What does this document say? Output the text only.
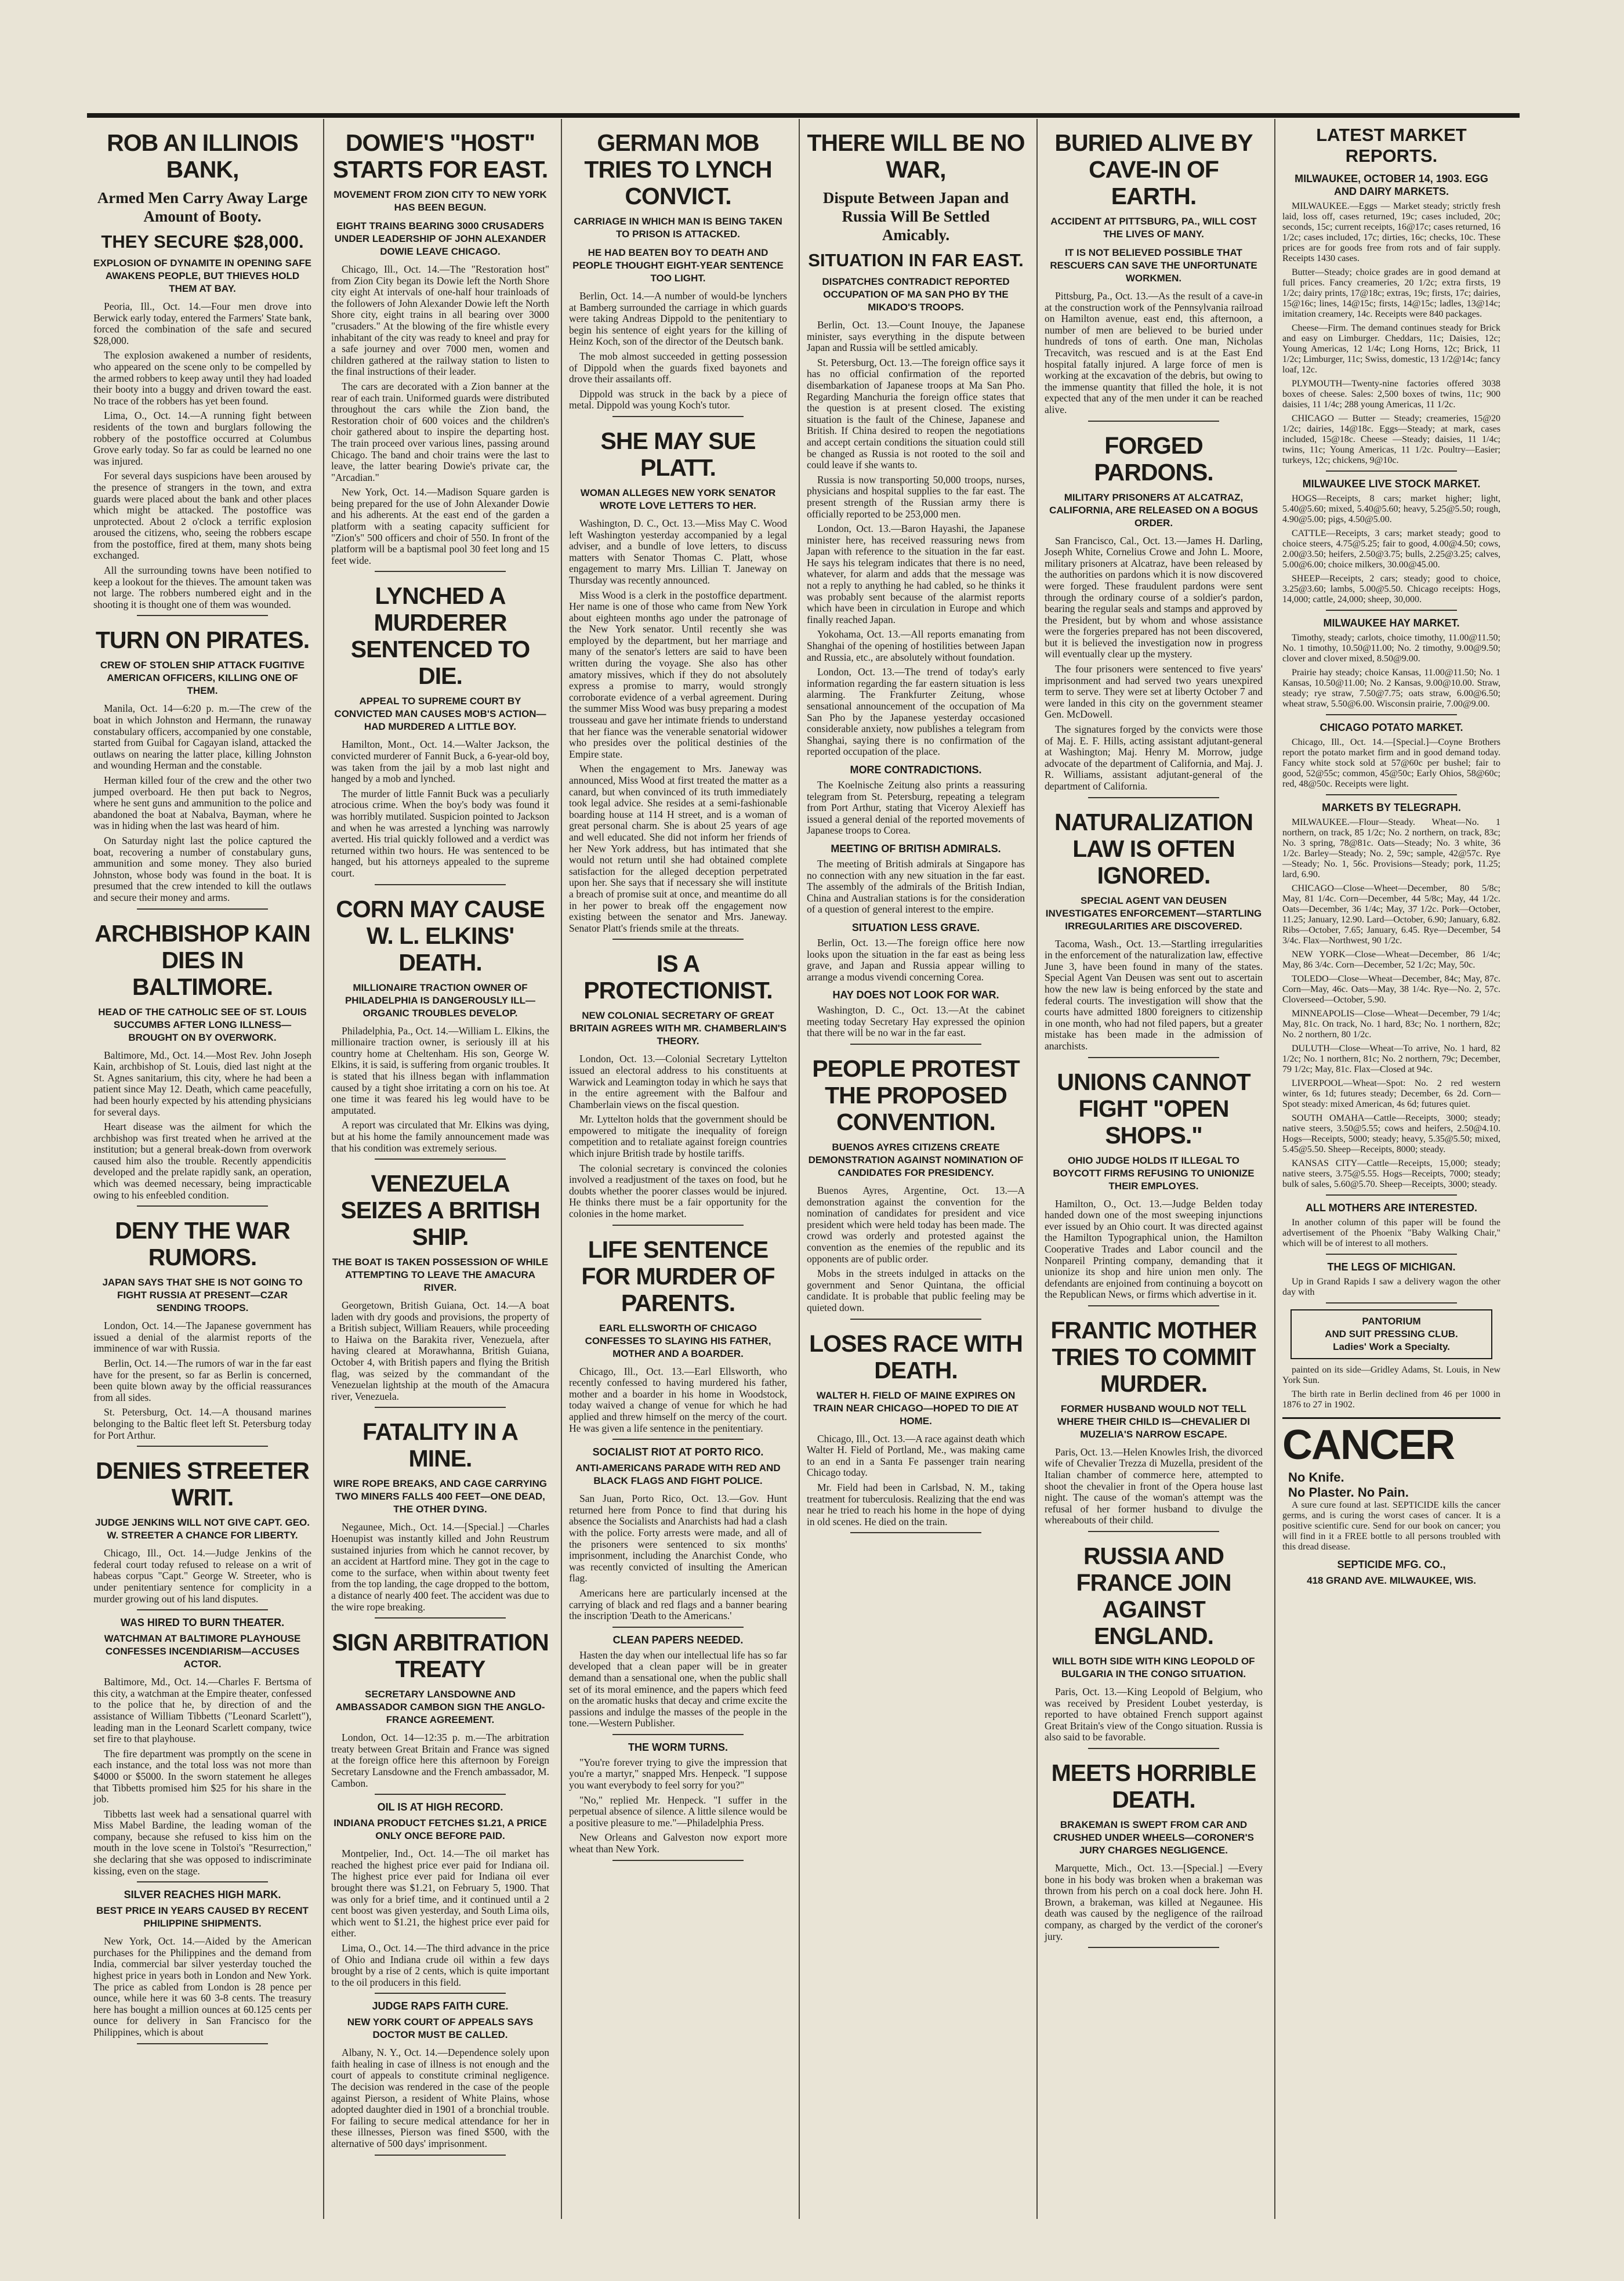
ROB AN ILLINOIS BANK,
Armed Men Carry Away Large Amount of Booty.
THEY SECURE $28,000.
EXPLOSION OF DYNAMITE IN OPENING SAFE AWAKENS PEOPLE, BUT THIEVES HOLD THEM AT BAY.

Peoria, Ill., Oct. 14.—Four men drove into Berwick early today, entered the Farmers' State bank, forced the combination of the safe and secured $28,000.

The explosion awakened a number of residents, who appeared on the scene only to be compelled by the armed robbers to keep away until they had loaded their booty into a buggy and driven toward the east. No trace of the robbers has yet been found.

Lima, O., Oct. 14.—A running fight between residents of the town and burglars following the robbery of the postoffice occurred at Columbus Grove early today. So far as could be learned no one was injured.

For several days suspicions have been aroused by the presence of strangers in the town, and extra guards were placed about the bank and other places which might be attacked. The postoffice was unprotected. About 2 o'clock a terrific explosion aroused the citizens, who, seeing the robbers escape from the postoffice, fired at them, many shots being exchanged.

All the surrounding towns have been notified to keep a lookout for the thieves. The amount taken was not large. The robbers numbered eight and in the shooting it is thought one of them was wounded.

TURN ON PIRATES.
CREW OF STOLEN SHIP ATTACK FUGITIVE AMERICAN OFFICERS, KILLING ONE OF THEM.

Manila, Oct. 14—6:20 p. m.—The crew of the boat in which Johnston and Hermann, the runaway constabulary officers, accompanied by one constable, started from Guibal for Cagayan island, attacked the outlaws on nearing the latter place, killing Johnston and wounding Herman and the constable.

Herman killed four of the crew and the other two jumped overboard. He then put back to Negros, where he sent guns and ammunition to the police and abandoned the boat at Nabalva, Bayman, where he was in hiding when the last was heard of him.

On Saturday night last the police captured the boat, recovering a number of constabulary guns, ammunition and some money. They also buried Johnston, whose body was found in the boat. It is presumed that the crew intended to kill the outlaws and secure their money and arms.

ARCHBISHOP KAIN DIES IN BALTIMORE.
HEAD OF THE CATHOLIC SEE OF ST. LOUIS SUCCUMBS AFTER LONG ILLNESS—BROUGHT ON BY OVERWORK.

Baltimore, Md., Oct. 14.—Most Rev. John Joseph Kain, archbishop of St. Louis, died last night at the St. Agnes sanitarium, this city, where he had been a patient since May 12. Death, which came peacefully, had been hourly expected by his attending physicians for several days.

Heart disease was the ailment for which the archbishop was first treated when he arrived at the institution; but a general break-down from overwork caused him also the trouble. Recently appendicitis developed and the prelate rapidly sank, an operation, which was deemed necessary, being impracticable owing to his enfeebled condition.

DENY THE WAR RUMORS.
JAPAN SAYS THAT SHE IS NOT GOING TO FIGHT RUSSIA AT PRESENT—CZAR SENDING TROOPS.

London, Oct. 14.—The Japanese government has issued a denial of the alarmist reports of the imminence of war with Russia.

Berlin, Oct. 14.—The rumors of war in the far east have for the present, so far as Berlin is concerned, been quite blown away by the official reassurances from all sides.

St. Petersburg, Oct. 14.—A thousand marines belonging to the Baltic fleet left St. Petersburg today for Port Arthur.

DENIES STREETER WRIT.
JUDGE JENKINS WILL NOT GIVE CAPT. GEO. W. STREETER A CHANCE FOR LIBERTY.

Chicago, Ill., Oct. 14.—Judge Jenkins of the federal court today refused to release on a writ of habeas corpus "Capt." George W. Streeter, who is under penitentiary sentence for complicity in a murder growing out of his land disputes.

WAS HIRED TO BURN THEATER.
WATCHMAN AT BALTIMORE PLAYHOUSE CONFESSES INCENDIARISM—ACCUSES ACTOR.

Baltimore, Md., Oct. 14.—Charles F. Bertsma of this city, a watchman at the Empire theater, confessed to the police that he, by direction of and the assistance of William Tibbetts ("Leonard Scarlett"), leading man in the Leonard Scarlett company, twice set fire to that playhouse.

The fire department was promptly on the scene in each instance, and the total loss was not more than $4000 or $5000. In the sworn statement he alleges that Tibbetts promised him $25 for his share in the job.

Tibbetts last week had a sensational quarrel with Miss Mabel Bardine, the leading woman of the company, because she refused to kiss him on the mouth in the love scene in Tolstoi's "Resurrection," she declaring that she was opposed to indiscriminate kissing, even on the stage.

SILVER REACHES HIGH MARK.
BEST PRICE IN YEARS CAUSED BY RECENT PHILIPPINE SHIPMENTS.

New York, Oct. 14.—Aided by the American purchases for the Philippines and the demand from India, commercial bar silver yesterday touched the highest price in years both in London and New York. The price as cabled from London is 28 pence per ounce, while here it was 60 3-8 cents. The treasury here has bought a million ounces at 60.125 cents per ounce for delivery in San Francisco for the Philippines, which is about

DOWIE'S "HOST" STARTS FOR EAST.
MOVEMENT FROM ZION CITY TO NEW YORK HAS BEEN BEGUN.
EIGHT TRAINS BEARING 3000 CRUSADERS UNDER LEADERSHIP OF JOHN ALEXANDER DOWIE LEAVE CHICAGO.

Chicago, Ill., Oct. 14.—The "Restoration host" from Zion City began its Dowie left the North Shore city eight At intervals of one-half hour trainloads of the followers of John Alexander Dowie left the North Shore city, eight trains in all bearing over 3000 "crusaders." At the blowing of the fire whistle every inhabitant of the city was ready to kneel and pray for a safe journey and over 7000 men, women and children gathered at the railway station to listen to the final instructions of their leader.

The cars are decorated with a Zion banner at the rear of each train. Uniformed guards were distributed throughout the cars while the Zion band, the Restoration choir of 600 voices and the children's choir gathered about to inspire the departing host. The train proceed over various lines, passing around Chicago. The band and choir trains were the last to leave, the latter bearing Dowie's private car, the "Arcadian."

New York, Oct. 14.—Madison Square garden is being prepared for the use of John Alexander Dowie and his adherents. At the east end of the garden a platform with a seating capacity sufficient for "Zion's" 500 officers and choir of 550. In front of the platform will be a baptismal pool 30 feet long and 15 feet wide.

LYNCHED A MURDERER SENTENCED TO DIE.
APPEAL TO SUPREME COURT BY CONVICTED MAN CAUSES MOB'S ACTION—HAD MURDERED A LITTLE BOY.

Hamilton, Mont., Oct. 14.—Walter Jackson, the convicted murderer of Fannit Buck, a 6-year-old boy, was taken from the jail by a mob last night and hanged by a mob and lynched.

The murder of little Fannit Buck was a peculiarly atrocious crime. When the boy's body was found it was horribly mutilated. Suspicion pointed to Jackson and when he was arrested a lynching was narrowly averted. His trial quickly followed and a verdict was returned within two hours. He was sentenced to be hanged, but his attorneys appealed to the supreme court.

CORN MAY CAUSE W. L. ELKINS' DEATH.
MILLIONAIRE TRACTION OWNER OF PHILADELPHIA IS DANGEROUSLY ILL—ORGANIC TROUBLES DEVELOP.

Philadelphia, Pa., Oct. 14.—William L. Elkins, the millionaire traction owner, is seriously ill at his country home at Cheltenham. His son, George W. Elkins, it is said, is suffering from organic troubles. It is stated that his illness began with inflammation caused by a tight shoe irritating a corn on his toe. At one time it was feared his leg would have to be amputated.

A report was circulated that Mr. Elkins was dying, but at his home the family announcement made was that his condition was extremely serious.

VENEZUELA SEIZES A BRITISH SHIP.
THE BOAT IS TAKEN POSSESSION OF WHILE ATTEMPTING TO LEAVE THE AMACURA RIVER.

Georgetown, British Guiana, Oct. 14.—A boat laden with dry goods and provisions, the property of a British subject, William Reauers, while proceeding to Haiwa on the Barakita river, Venezuela, after having cleared at Morawhanna, British Guiana, October 4, with British papers and flying the British flag, was seized by the commandant of the Venezuelan lightship at the mouth of the Amacura river, Venezuela.

FATALITY IN A MINE.
WIRE ROPE BREAKS, AND CAGE CARRYING TWO MINERS FALLS 400 FEET—ONE DEAD, THE OTHER DYING.

Negaunee, Mich., Oct. 14.—[Special.] —Charles Hoenupist was instantly killed and John Reustrum sustained injuries from which he cannot recover, by an accident at Hartford mine. They got in the cage to come to the surface, when within about twenty feet from the top landing, the cage dropped to the bottom, a distance of nearly 400 feet. The accident was due to the wire rope breaking.

SIGN ARBITRATION TREATY
SECRETARY LANSDOWNE AND AMBASSADOR CAMBON SIGN THE ANGLO-FRANCE AGREEMENT.

London, Oct. 14—12:35 p. m.—The arbitration treaty between Great Britain and France was signed at the foreign office here this afternoon by Foreign Secretary Lansdowne and the French ambassador, M. Cambon.

OIL IS AT HIGH RECORD.
INDIANA PRODUCT FETCHES $1.21, A PRICE ONLY ONCE BEFORE PAID.

Montpelier, Ind., Oct. 14.—The oil market has reached the highest price ever paid for Indiana oil. The highest price ever paid for Indiana oil ever brought there was $1.21, on February 5, 1900. That was only for a brief time, and it continued until a 2 cent boost was given yesterday, and South Lima oils, which went to $1.21, the highest price ever paid for either.

Lima, O., Oct. 14.—The third advance in the price of Ohio and Indiana crude oil within a few days brought by a rise of 2 cents, which is quite important to the oil producers in this field.

JUDGE RAPS FAITH CURE.
NEW YORK COURT OF APPEALS SAYS DOCTOR MUST BE CALLED.

Albany, N. Y., Oct. 14.—Dependence solely upon faith healing in case of illness is not enough and the court of appeals to constitute criminal negligence. The decision was rendered in the case of the people against Pierson, a resident of White Plains, whose adopted daughter died in 1901 of a bronchial trouble. For failing to secure medical attendance for her in these illnesses, Pierson was fined $500, with the alternative of 500 days' imprisonment.

GERMAN MOB TRIES TO LYNCH CONVICT.
CARRIAGE IN WHICH MAN IS BEING TAKEN TO PRISON IS ATTACKED.
HE HAD BEATEN BOY TO DEATH AND PEOPLE THOUGHT EIGHT-YEAR SENTENCE TOO LIGHT.

Berlin, Oct. 14.—A number of would-be lynchers at Bamberg surrounded the carriage in which guards were taking Andreas Dippold to the penitentiary to begin his sentence of eight years for the killing of Heinz Koch, son of the director of the Deutsch bank.

The mob almost succeeded in getting possession of Dippold when the guards fixed bayonets and drove their assailants off.

Dippold was struck in the back by a piece of metal. Dippold was young Koch's tutor.

SHE MAY SUE PLATT.
WOMAN ALLEGES NEW YORK SENATOR WROTE LOVE LETTERS TO HER.

Washington, D. C., Oct. 13.—Miss May C. Wood left Washington yesterday accompanied by a legal adviser, and a bundle of love letters, to discuss matters with Senator Thomas C. Platt, whose engagement to marry Mrs. Lillian T. Janeway on Thursday was recently announced.

Miss Wood is a clerk in the postoffice department. Her name is one of those who came from New York about eighteen months ago under the patronage of the New York senator. Until recently she was employed by the department, but her marriage and many of the senator's letters are said to have been written during the voyage. She also has other amatory missives, which if they do not absolutely express a promise to marry, would strongly corroborate evidence of a verbal agreement. During the summer Miss Wood was busy preparing a modest trousseau and gave her intimate friends to understand that her fiance was the venerable senatorial widower who presides over the political destinies of the Empire state.

When the engagement to Mrs. Janeway was announced, Miss Wood at first treated the matter as a canard, but when convinced of its truth immediately took legal advice. She resides at a semi-fashionable boarding house at 114 H street, and is a woman of great personal charm. She is about 25 years of age and well educated. She did not inform her friends of her New York address, but has intimated that she would not return until she had obtained complete satisfaction for the alleged deception perpetrated upon her. She says that if necessary she will institute a breach of promise suit at once, and meantime do all in her power to break off the engagement now existing between the senator and Mrs. Janeway. Senator Platt's friends smile at the threats.

IS A PROTECTIONIST.
NEW COLONIAL SECRETARY OF GREAT BRITAIN AGREES WITH MR. CHAMBERLAIN'S THEORY.

London, Oct. 13.—Colonial Secretary Lyttelton issued an electoral address to his constituents at Warwick and Leamington today in which he says that in the entire agreement with the Balfour and Chamberlain views on the fiscal question.

Mr. Lyttelton holds that the government should be empowered to mitigate the inequality of foreign competition and to retaliate against foreign countries which injure British trade by hostile tariffs.

The colonial secretary is convinced the colonies involved a readjustment of the taxes on food, but he doubts whether the poorer classes would be injured. He thinks there must be a fair opportunity for the colonies in the home market.

LIFE SENTENCE FOR MURDER OF PARENTS.
EARL ELLSWORTH OF CHICAGO CONFESSES TO SLAYING HIS FATHER, MOTHER AND A BOARDER.

Chicago, Ill., Oct. 13.—Earl Ellsworth, who recently confessed to having murdered his father, mother and a boarder in his home in Woodstock, today waived a change of venue for which he had applied and threw himself on the mercy of the court. He was given a life sentence in the penitentiary.

SOCIALIST RIOT AT PORTO RICO.
ANTI-AMERICANS PARADE WITH RED AND BLACK FLAGS AND FIGHT POLICE.

San Juan, Porto Rico, Oct. 13.—Gov. Hunt returned here from Ponce to find that during his absence the Socialists and Anarchists had had a clash with the police. Forty arrests were made, and all of the prisoners were sentenced to six months' imprisonment, including the Anarchist Conde, who was recently convicted of insulting the American flag.

Americans here are particularly incensed at the carrying of black and red flags and a banner bearing the inscription 'Death to the Americans.'

CLEAN PAPERS NEEDED.

Hasten the day when our intellectual life has so far developed that a clean paper will be in greater demand than a sensational one, when the public shall set of its moral eminence, and the papers which feed on the aromatic husks that decay and crime excite the passions and indulge the masses of the people in the tone.—Western Publisher.

THE WORM TURNS.

"You're forever trying to give the impression that you're a martyr," snapped Mrs. Henpeck. "I suppose you want everybody to feel sorry for you?"

"No," replied Mr. Henpeck. "I suffer in the perpetual absence of silence. A little silence would be a positive pleasure to me."—Philadelphia Press.

New Orleans and Galveston now export more wheat than New York.

THERE WILL BE NO WAR,
Dispute Between Japan and Russia Will Be Settled Amicably.
SITUATION IN FAR EAST.
DISPATCHES CONTRADICT REPORTED OCCUPATION OF MA SAN PHO BY THE MIKADO'S TROOPS.

Berlin, Oct. 13.—Count Inouye, the Japanese minister, says everything in the dispute between Japan and Russia will be settled amicably.

St. Petersburg, Oct. 13.—The foreign office says it has no official confirmation of the reported disembarkation of Japanese troops at Ma San Pho. Regarding Manchuria the foreign office states that the question is at present closed. The existing situation is the fault of the Chinese, Japanese and British. If China desired to reopen the negotiations and accept certain conditions the situation could still be changed as Russia is not rooted to the soil and could leave if she wants to.

Russia is now transporting 50,000 troops, nurses, physicians and hospital supplies to the far east. The present strength of the Russian army there is officially reported to be 253,000 men.

London, Oct. 13.—Baron Hayashi, the Japanese minister here, has received reassuring news from Japan with reference to the situation in the far east. He says his telegram indicates that there is no need, whatever, for alarm and adds that the message was not a reply to anything he had cabled, so he thinks it was probably sent because of the alarmist reports which have been in circulation in Europe and which finally reached Japan.

Yokohama, Oct. 13.—All reports emanating from Shanghai of the opening of hostilities between Japan and Russia, etc., are absolutely without foundation.

London, Oct. 13.—The trend of today's early information regarding the far eastern situation is less alarming. The Frankfurter Zeitung, whose sensational announcement of the occupation of Ma San Pho by the Japanese yesterday occasioned considerable anxiety, now publishes a telegram from Shanghai, saying there is no confirmation of the reported occupation of the place.

MORE CONTRADICTIONS.

The Koelnische Zeitung also prints a reassuring telegram from St. Petersburg, repeating a telegram from Port Arthur, stating that Viceroy Alexieff has issued a general denial of the reported movements of Japanese troops to Corea.

MEETING OF BRITISH ADMIRALS.

The meeting of British admirals at Singapore has no connection with any new situation in the far east. The assembly of the admirals of the British Indian, China and Australian stations is for the consideration of a question of general interest to the empire.

SITUATION LESS GRAVE.

Berlin, Oct. 13.—The foreign office here now looks upon the situation in the far east as being less grave, and Japan and Russia appear willing to arrange a modus vivendi concerning Corea.

HAY DOES NOT LOOK FOR WAR.

Washington, D. C., Oct. 13.—At the cabinet meeting today Secretary Hay expressed the opinion that there will be no war in the far east.

PEOPLE PROTEST THE PROPOSED CONVENTION.
BUENOS AYRES CITIZENS CREATE DEMONSTRATION AGAINST NOMINATION OF CANDIDATES FOR PRESIDENCY.

Buenos Ayres, Argentine, Oct. 13.—A demonstration against the convention for the nomination of candidates for president and vice president which were held today has been made. The crowd was orderly and protested against the convention as the enemies of the republic and its opponents are of public order.

Mobs in the streets indulged in attacks on the government and Senor Quintana, the official candidate. It is probable that public feeling may be quieted down.

LOSES RACE WITH DEATH.
WALTER H. FIELD OF MAINE EXPIRES ON TRAIN NEAR CHICAGO—HOPED TO DIE AT HOME.

Chicago, Ill., Oct. 13.—A race against death which Walter H. Field of Portland, Me., was making came to an end in a Santa Fe passenger train nearing Chicago today.

Mr. Field had been in Carlsbad, N. M., taking treatment for tuberculosis. Realizing that the end was near he tried to reach his home in the hope of dying in old scenes. He died on the train.

BURIED ALIVE BY CAVE-IN OF EARTH.
ACCIDENT AT PITTSBURG, PA., WILL COST THE LIVES OF MANY.
IT IS NOT BELIEVED POSSIBLE THAT RESCUERS CAN SAVE THE UNFORTUNATE WORKMEN.

Pittsburg, Pa., Oct. 13.—As the result of a cave-in at the construction work of the Pennsylvania railroad on Hamilton avenue, east end, this afternoon, a number of men are believed to be buried under hundreds of tons of earth. One man, Nicholas Trecavitch, was rescued and is at the East End hospital fatally injured. A large force of men is working at the excavation of the debris, but owing to the immense quantity that filled the hole, it is not expected that any of the men under it can be reached alive.

FORGED PARDONS.
MILITARY PRISONERS AT ALCATRAZ, CALIFORNIA, ARE RELEASED ON A BOGUS ORDER.

San Francisco, Cal., Oct. 13.—James H. Darling, Joseph White, Cornelius Crowe and John L. Moore, military prisoners at Alcatraz, have been released by the authorities on pardons which it is now discovered were forged. These fraudulent pardons were sent through the ordinary course of a soldier's pardon, bearing the regular seals and stamps and approved by the President, but by whom and whose assistance were the forgeries prepared has not been discovered, but it is believed the investigation now in progress will eventually clear up the mystery.

The four prisoners were sentenced to five years' imprisonment and had served two years unexpired term to serve. They were set at liberty October 7 and were landed in this city on the government steamer Gen. McDowell.

The signatures forged by the convicts were those of Maj. E. F. Hills, acting assistant adjutant-general at Washington; Maj. Henry M. Morrow, judge advocate of the department of California, and Maj. J. R. Williams, assistant adjutant-general of the department of California.

NATURALIZATION LAW IS OFTEN IGNORED.
SPECIAL AGENT VAN DEUSEN INVESTIGATES ENFORCEMENT—STARTLING IRREGULARITIES ARE DISCOVERED.

Tacoma, Wash., Oct. 13.—Startling irregularities in the enforcement of the naturalization law, effective June 3, have been found in many of the states. Special Agent Van Deusen was sent out to ascertain how the new law is being enforced by the state and federal courts. The investigation will show that the courts have admitted 1800 foreigners to citizenship in one month, who had not filed papers, but a greater mistake has been made in the admission of anarchists.

UNIONS CANNOT FIGHT "OPEN SHOPS."
OHIO JUDGE HOLDS IT ILLEGAL TO BOYCOTT FIRMS REFUSING TO UNIONIZE THEIR EMPLOYES.

Hamilton, O., Oct. 13.—Judge Belden today handed down one of the most sweeping injunctions ever issued by an Ohio court. It was directed against the Hamilton Typographical union, the Hamilton Cooperative Trades and Labor council and the Nonpareil Printing company, demanding that it unionize its shop and hire union men only. The defendants are enjoined from continuing a boycott on the Republican News, or firms which advertise in it.

FRANTIC MOTHER TRIES TO COMMIT MURDER.
FORMER HUSBAND WOULD NOT TELL WHERE THEIR CHILD IS—CHEVALIER DI MUZELIA'S NARROW ESCAPE.

Paris, Oct. 13.—Helen Knowles Irish, the divorced wife of Chevalier Trezza di Muzella, president of the Italian chamber of commerce here, attempted to shoot the chevalier in front of the Opera house last night. The cause of the woman's attempt was the refusal of her former husband to divulge the whereabouts of their child.

RUSSIA AND FRANCE JOIN AGAINST ENGLAND.
WILL BOTH SIDE WITH KING LEOPOLD OF BULGARIA IN THE CONGO SITUATION.

Paris, Oct. 13.—King Leopold of Belgium, who was received by President Loubet yesterday, is reported to have obtained French support against Great Britain's view of the Congo situation. Russia is also said to be favorable.

MEETS HORRIBLE DEATH.
BRAKEMAN IS SWEPT FROM CAR AND CRUSHED UNDER WHEELS—CORONER'S JURY CHARGES NEGLIGENCE.

Marquette, Mich., Oct. 13.—[Special.] —Every bone in his body was broken when a brakeman was thrown from his perch on a coal dock here. John H. Brown, a brakeman, was killed at Negaunee. His death was caused by the negligence of the railroad company, as charged by the verdict of the coroner's jury.

LATEST MARKET REPORTS.
MILWAUKEE, OCTOBER 14, 1903. EGG AND DAIRY MARKETS.

MILWAUKEE.—Eggs — Market steady; strictly fresh laid, loss off, cases returned, 19c; cases included, 20c; seconds, 15c; current receipts, 16@17c; cases returned, 16 1/2c; cases included, 17c; dirties, 16c; checks, 10c. These prices are for goods free from rots and of fair supply. Receipts 1430 cases.

Butter—Steady; choice grades are in good demand at full prices. Fancy creameries, 20 1/2c; extra firsts, 19 1/2c; dairy prints, 17@18c; extras, 19c; firsts, 17c; dairies, 15@16c; lines, 14@15c; firsts, 14@15c; ladles, 13@14c; imitation creamery, 14c. Receipts were 840 packages.

Cheese—Firm. The demand continues steady for Brick and easy on Limburger. Cheddars, 11c; Daisies, 12c; Young Americas, 12 1/4c; Long Horns, 12c; Brick, 11 1/2c; Limburger, 11c; Swiss, domestic, 13 1/2@14c; fancy loaf, 12c.

PLYMOUTH—Twenty-nine factories offered 3038 boxes of cheese. Sales: 2,500 boxes of twins, 11c; 900 daisies, 11 1/4c; 288 young Americas, 11 1/2c.

CHICAGO — Butter — Steady; creameries, 15@20 1/2c; dairies, 14@18c. Eggs—Steady; at mark, cases included, 15@18c. Cheese —Steady; daisies, 11 1/4c; twins, 11c; Young Americas, 11 1/2c. Poultry—Easier; turkeys, 12c; chickens, 9@10c.

MILWAUKEE LIVE STOCK MARKET.

HOGS—Receipts, 8 cars; market higher; light, 5.40@5.60; mixed, 5.40@5.60; heavy, 5.25@5.50; rough, 4.90@5.00; pigs, 4.50@5.00.

CATTLE—Receipts, 3 cars; market steady; good to choice steers, 4.75@5.25; fair to good, 4.00@4.50; cows, 2.00@3.50; heifers, 2.50@3.75; bulls, 2.25@3.25; calves, 5.00@6.00; choice milkers, 30.00@45.00.

SHEEP—Receipts, 2 cars; steady; good to choice, 3.25@3.60; lambs, 5.00@5.50. Chicago receipts: Hogs, 14,000; cattle, 24,000; sheep, 30,000.

MILWAUKEE HAY MARKET.

Timothy, steady; carlots, choice timothy, 11.00@11.50; No. 1 timothy, 10.50@11.00; No. 2 timothy, 9.00@9.50; clover and clover mixed, 8.50@9.00.

Prairie hay steady; choice Kansas, 11.00@11.50; No. 1 Kansas, 10.50@11.00; No. 2 Kansas, 9.00@10.00. Straw, steady; rye straw, 7.50@7.75; oats straw, 6.00@6.50; wheat straw, 5.50@6.00. Wisconsin prairie, 7.00@9.00.

CHICAGO POTATO MARKET.

Chicago, Ill., Oct. 14.—[Special.]—Coyne Brothers report the potato market firm and in good demand today. Fancy white stock sold at 57@60c per bushel; fair to good, 52@55c; common, 45@50c; Early Ohios, 58@60c; red, 48@50c. Receipts were light.

MARKETS BY TELEGRAPH.

MILWAUKEE.—Flour—Steady. Wheat—No. 1 northern, on track, 85 1/2c; No. 2 northern, on track, 83c; No. 3 spring, 78@81c. Oats—Steady; No. 3 white, 36 1/2c. Barley—Steady; No. 2, 59c; sample, 42@57c. Rye—Steady; No. 1, 56c. Provisions—Steady; pork, 11.25; lard, 6.90.

CHICAGO—Close—Wheet—December, 80 5/8c; May, 81 1/4c. Corn—December, 44 5/8c; May, 44 1/2c. Oats—December, 36 1/4c; May, 37 1/2c. Pork—October, 11.25; January, 12.90. Lard—October, 6.90; January, 6.82. Ribs—October, 7.65; January, 6.45. Rye—December, 54 3/4c. Flax—Northwest, 90 1/2c.

NEW YORK—Close—Wheat—December, 86 1/4c; May, 86 3/4c. Corn—December, 52 1/2c; May, 50c.

TOLEDO—Close—Wheat—December, 84c; May, 87c. Corn—May, 46c. Oats—May, 38 1/4c. Rye—No. 2, 57c. Cloverseed—October, 5.90.

MINNEAPOLIS—Close—Wheat—December, 79 1/4c; May, 81c. On track, No. 1 hard, 83c; No. 1 northern, 82c; No. 2 northern, 80 1/2c.

DULUTH—Close—Wheat—To arrive, No. 1 hard, 82 1/2c; No. 1 northern, 81c; No. 2 northern, 79c; December, 79 1/2c; May, 81c. Flax—Closed at 94c.

LIVERPOOL—Wheat—Spot: No. 2 red western winter, 6s 1d; futures steady; December, 6s 2d. Corn—Spot steady: mixed American, 4s 6d; futures quiet.

SOUTH OMAHA—Cattle—Receipts, 3000; steady; native steers, 3.50@5.55; cows and heifers, 2.50@4.10. Hogs—Receipts, 5000; steady; heavy, 5.35@5.50; mixed, 5.45@5.50. Sheep—Receipts, 8000; steady.

KANSAS CITY—Cattle—Receipts, 15,000; steady; native steers, 3.75@5.55. Hogs—Receipts, 7000; steady; bulk of sales, 5.60@5.70. Sheep—Receipts, 3000; steady.

ALL MOTHERS ARE INTERESTED.

In another column of this paper will be found the advertisement of the Phoenix "Baby Walking Chair," which will be of interest to all mothers.

THE LEGS OF MICHIGAN.

Up in Grand Rapids I saw a delivery wagon the other day with

PANTORIUM
AND SUIT PRESSING CLUB.
Ladies' Work a Specialty.

painted on its side—Gridley Adams, St. Louis, in New York Sun.

The birth rate in Berlin declined from 46 per 1000 in 1876 to 27 in 1902.

CANCER
No Knife.
No Plaster. No Pain.

A sure cure found at last. SEPTICIDE kills the cancer germs, and is curing the worst cases of cancer. It is a positive scientific cure. Send for our book on cancer; you will find in it a FREE bottle to all persons troubled with this dread disease.

SEPTICIDE MFG. CO.,
418 GRAND AVE. MILWAUKEE, WIS.
